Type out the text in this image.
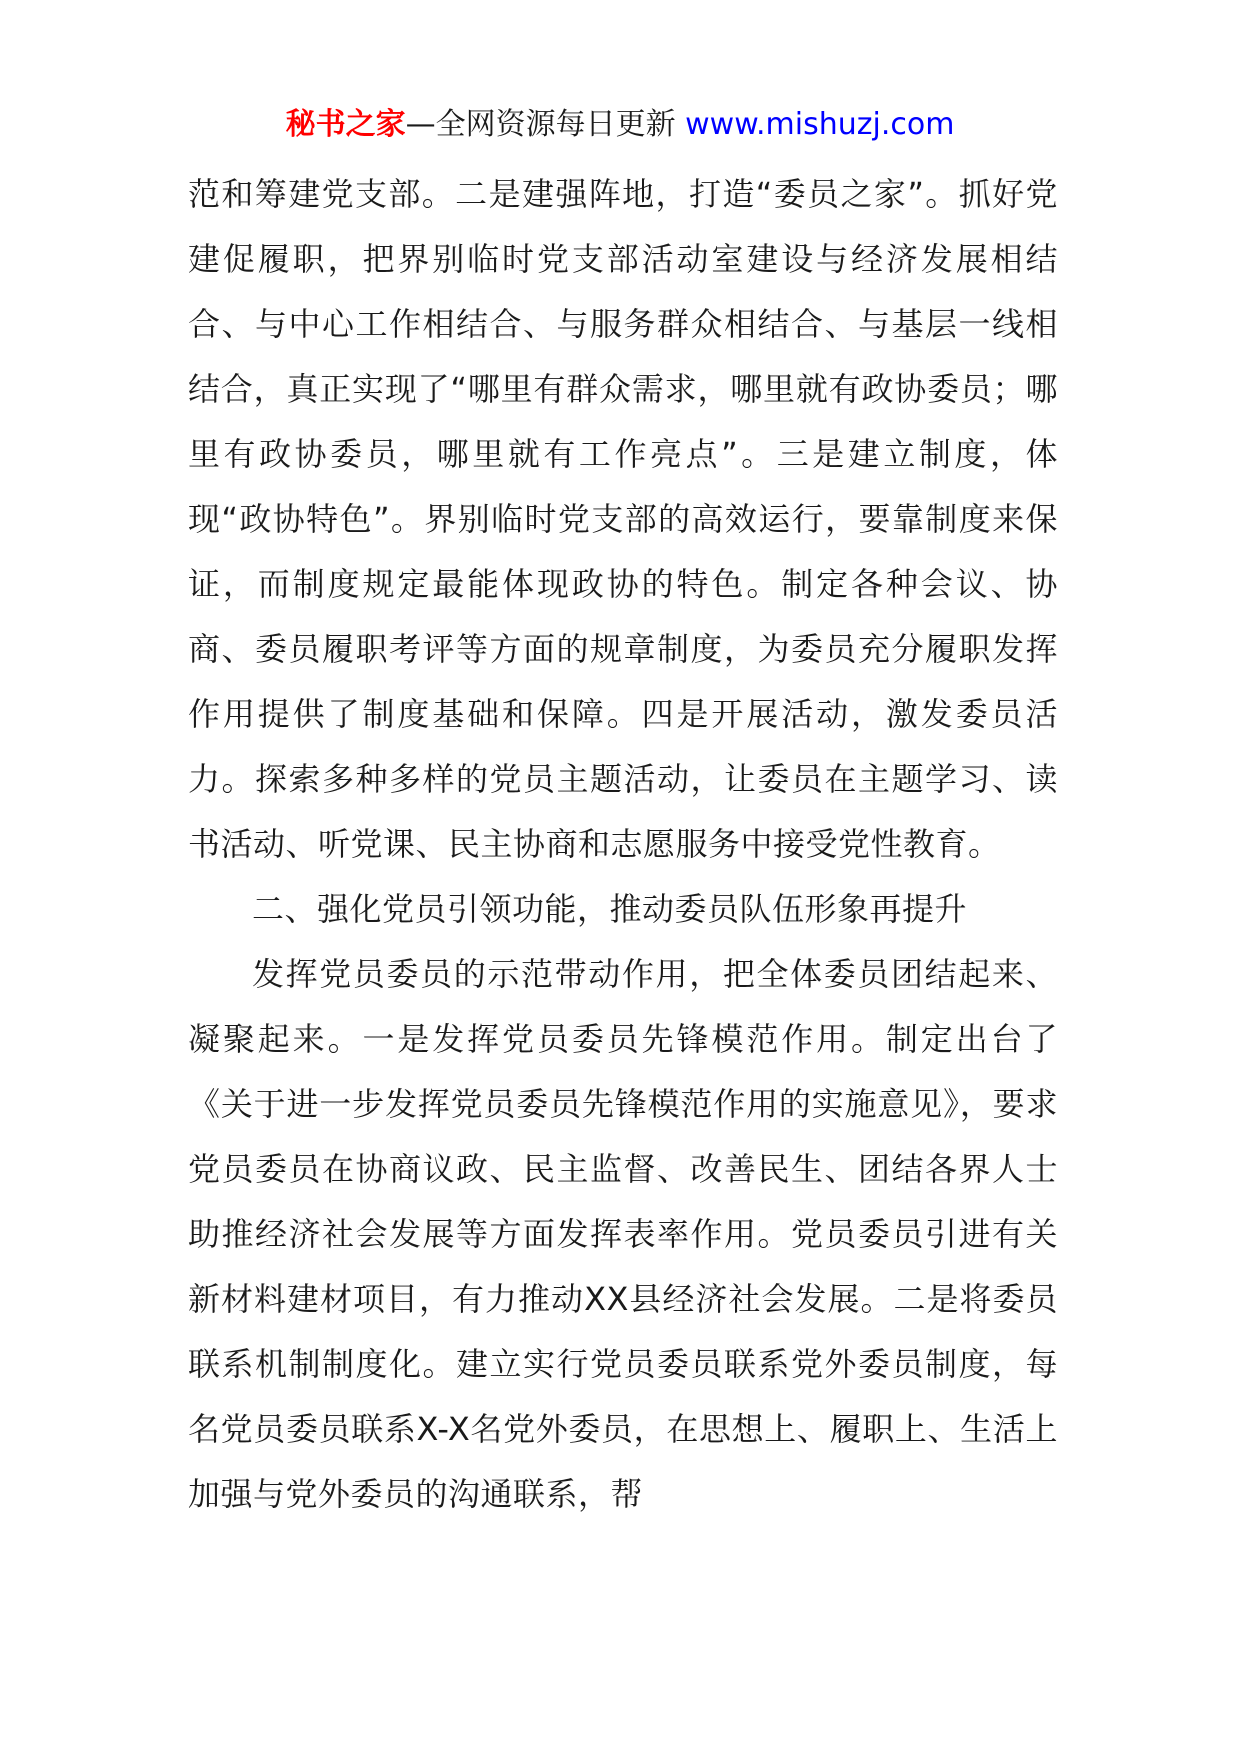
秘书之家—全网资源每日更新 www.mishuzj.com

范和筹建党支部。二是建强阵地，打造“委员之家”。抓好党建促履职，把界别临时党支部活动室建设与经济发展相结合、与中心工作相结合、与服务群众相结合、与基层一线相结合，真正实现了“哪里有群众需求，哪里就有政协委员；哪里有政协委员，哪里就有工作亮点”。三是建立制度，体现“政协特色”。界别临时党支部的高效运行，要靠制度来保证，而制度规定最能体现政协的特色。制定各种会议、协商、委员履职考评等方面的规章制度，为委员充分履职发挥作用提供了制度基础和保障。四是开展活动，激发委员活力。探索多种多样的党员主题活动，让委员在主题学习、读书活动、听党课、民主协商和志愿服务中接受党性教育。

二、强化党员引领功能，推动委员队伍形象再提升

发挥党员委员的示范带动作用，把全体委员团结起来、凝聚起来。一是发挥党员委员先锋模范作用。制定出台了《关于进一步发挥党员委员先锋模范作用的实施意见》，要求党员委员在协商议政、民主监督、改善民生、团结各界人士助推经济社会发展等方面发挥表率作用。党员委员引进有关新材料建材项目，有力推动XX县经济社会发展。二是将委员联系机制制度化。建立实行党员委员联系党外委员制度，每名党员委员联系X-X名党外委员，在思想上、履职上、生活上加强与党外委员的沟通联系，帮
